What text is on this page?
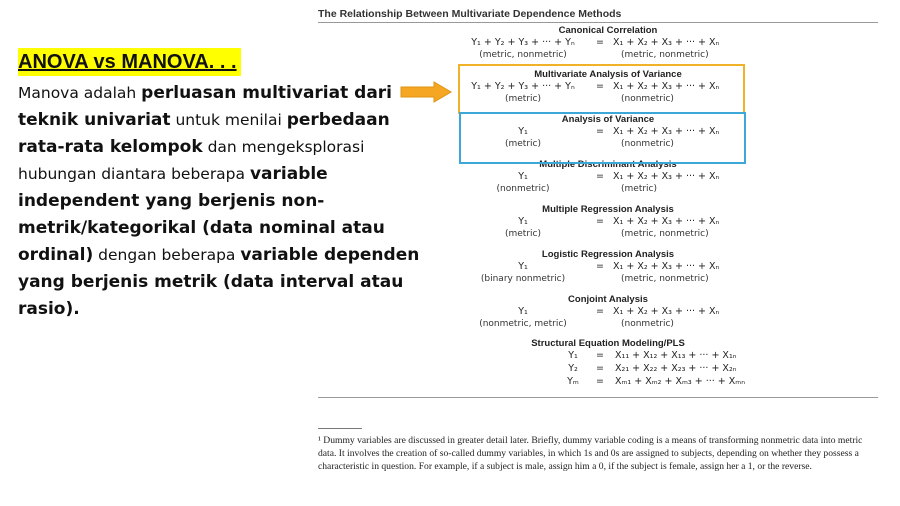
ANOVA vs MANOVA. . .
Manova adalah perluasan multivariat dari teknik univariat untuk menilai perbedaan rata-rata kelompok dan mengeksplorasi hubungan diantara beberapa variable independent yang berjenis non-metrik/kategorikal (data nominal atau ordinal) dengan beberapa variable dependen yang berjenis metrik (data interval atau rasio).
The Relationship Between Multivariate Dependence Methods
Canonical Correlation
Y₁ + Y₂ + Y₃ + ··· + Yₙ	= X₁ + X₂ + X₃ + ··· + Xₙ
(metric, nonmetric)	(metric, nonmetric)
Multivariate Analysis of Variance
Y₁ + Y₂ + Y₃ + ··· + Yₙ	= X₁ + X₂ + X₃ + ··· + Xₙ
(metric)	(nonmetric)
Analysis of Variance
Y₁	= X₁ + X₂ + X₃ + ··· + Xₙ
(metric)	(nonmetric)
Multiple Discriminant Analysis
Y₁	= X₁ + X₂ + X₃ + ··· + Xₙ
(nonmetric)	(metric)
Multiple Regression Analysis
Y₁	= X₁ + X₂ + X₃ + ··· + Xₙ
(metric)	(metric, nonmetric)
Logistic Regression Analysis
Y₁	= X₁ + X₂ + X₃ + ··· + Xₙ
(binary nonmetric)	(metric, nonmetric)
Conjoint Analysis
Y₁	= X₁ + X₂ + X₃ + ··· + Xₙ
(nonmetric, metric)	(nonmetric)
Structural Equation Modeling/PLS
Y₁	=	X₁₁ + X₁₂ + X₁₃ + ··· + X₁ₙ
Y₂	=	X₂₁ + X₂₂ + X₂₃ + ··· + X₂ₙ
Yₘ	=	Xₘ₁ + Xₘ₂ + Xₘ₃ + ··· + Xₘₙ
¹ Dummy variables are discussed in greater detail later. Briefly, dummy variable coding is a means of transforming nonmetric data into metric data. It involves the creation of so-called dummy variables, in which 1s and 0s are assigned to subjects, depending on whether they possess a characteristic in question. For example, if a subject is male, assign him a 0, if the subject is female, assign her a 1, or the reverse.
